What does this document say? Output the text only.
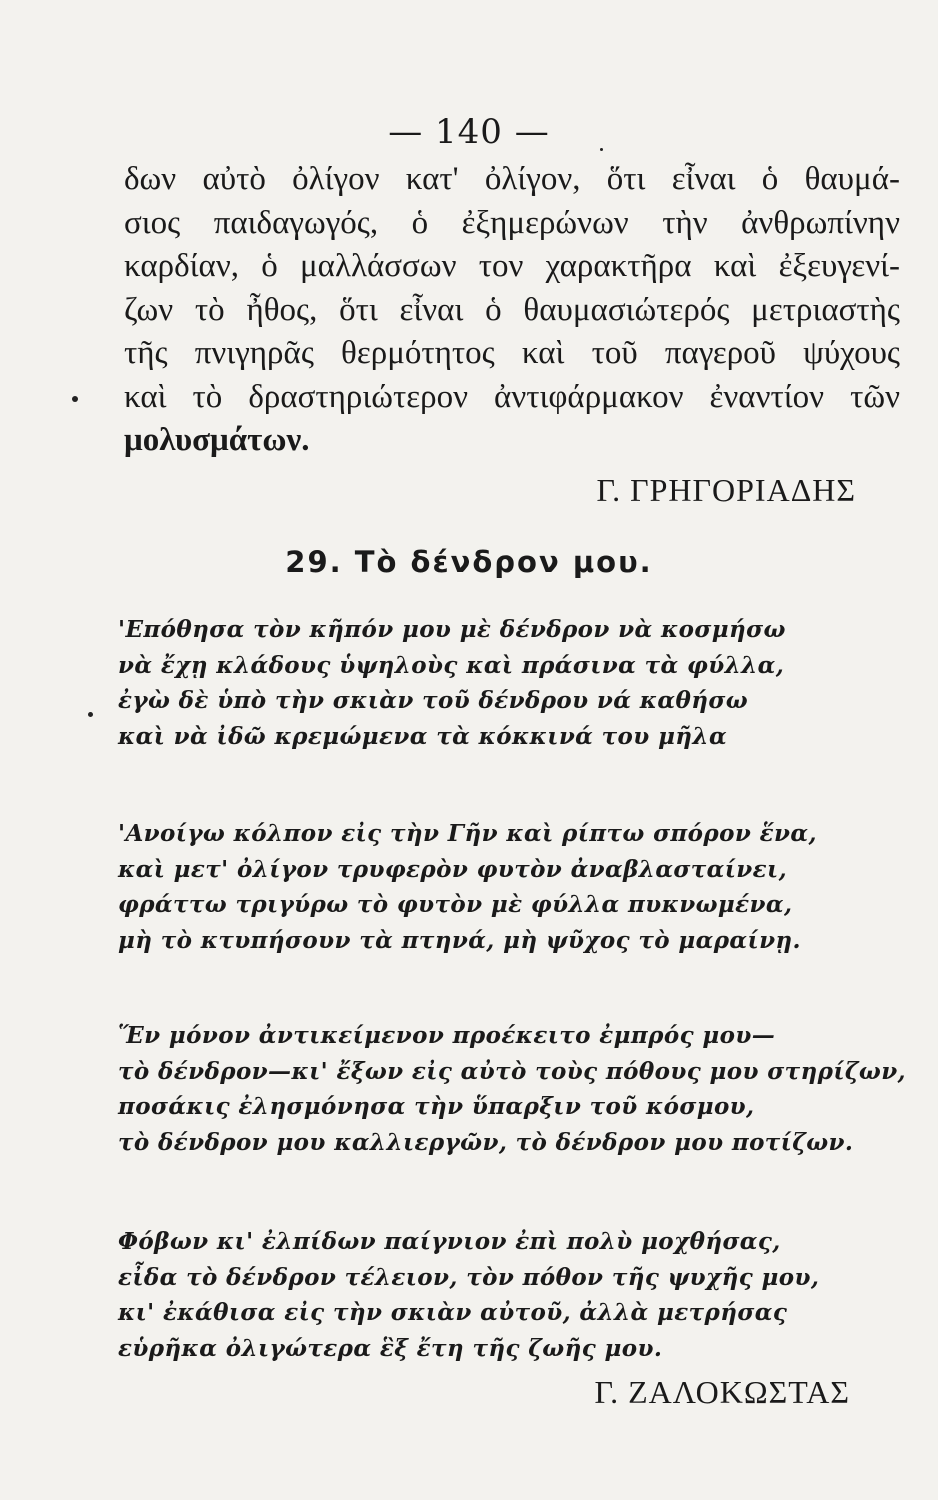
— 140 —
δων αὐτὸ ὀλίγον κατ' ὀλίγον, ὅτι εἶναι ὁ θαυμά-
σιος παιδαγωγός, ὁ ἐξημερώνων τὴν ἀνθρωπίνην
καρδίαν, ὁ μαλλάσσων τον χαρακτῆρα καὶ ἐξευγενί-
ζων τὸ ἦθος, ὅτι εἶναι ὁ θαυμασιώτερός μετριαστὴς
τῆς πνιγηρᾶς θερμότητος καὶ τοῦ παγεροῦ ψύχους
καὶ τὸ δραστηριώτερον ἀντιφάρμακον ἐναντίον τῶν
μολυσμάτων.
Γ. ΓΡΗΓΟΡΙΑΔΗΣ
29. Τὸ δένδρον μου.
'Επόθησα τὸν κῆπόν μου μὲ δένδρον νὰ κοσμήσω
νὰ ἔχῃ κλάδους ὑψηλοὺς καὶ πράσινα τὰ φύλλα,
ἐγὼ δὲ ὑπὸ τὴν σκιὰν τοῦ δένδρου νά καθήσω
καὶ νὰ ἰδῶ κρεμώμενα τὰ κόκκινά του μῆλα
'Ανοίγω κόλπον εἰς τὴν Γῆν καὶ ρίπτω σπόρον ἕνα,
καὶ μετ' ὀλίγον τρυφερὸν φυτὸν ἀναβλασταίνει,
φράττω τριγύρω τὸ φυτὸν μὲ φύλλα πυκνωμένα,
μὴ τὸ κτυπήσουν τὰ πτηνά, μὴ ψῦχος τὸ μαραίνῃ.
Ἕν μόνον ἀντικείμενον προέκειτο ἐμπρός μου—
τὸ δένδρον—κι' ἔξων εἰς αὐτὸ τοὺς πόθους μου στηρίζων,
ποσάκις ἐλησμόνησα τὴν ὕπαρξιν τοῦ κόσμου,
τὸ δένδρον μου καλλιεργῶν, τὸ δένδρον μου ποτίζων.
Φόβων κι' ἐλπίδων παίγνιον ἐπὶ πολὺ μοχθήσας,
εἶδα τὸ δένδρον τέλειον, τὸν πόθον τῆς ψυχῆς μου,
κι' ἐκάθισα εἰς τὴν σκιὰν αὐτοῦ, ἀλλὰ μετρήσας
εὑρῆκα ὀλιγώτερα ἓξ ἔτη τῆς ζωῆς μου.
Γ. ΖΑΛΟΚΩΣΤΑΣ
